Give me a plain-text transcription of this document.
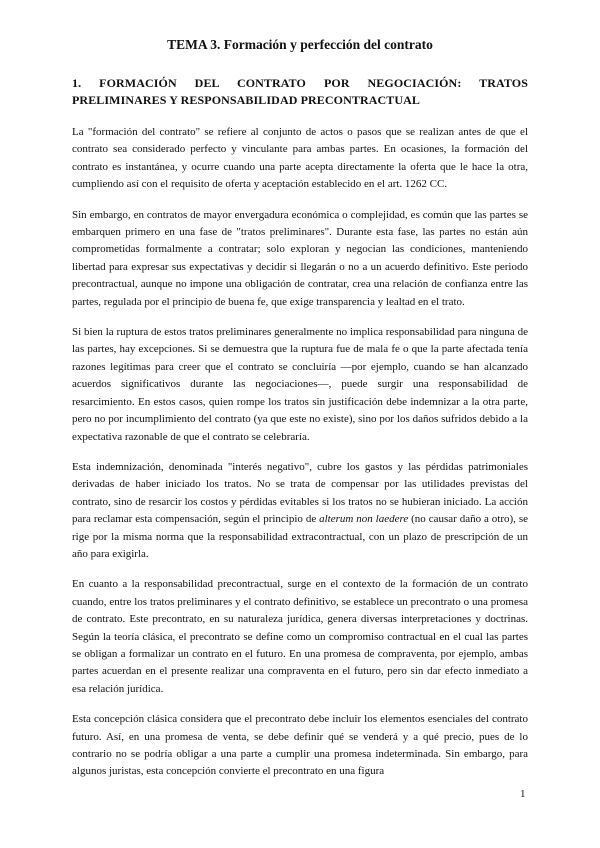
TEMA 3. Formación y perfección del contrato
1. FORMACIÓN DEL CONTRATO POR NEGOCIACIÓN: TRATOS PRELIMINARES Y RESPONSABILIDAD PRECONTRACTUAL

La "formación del contrato" se refiere al conjunto de actos o pasos que se realizan antes de que el contrato sea considerado perfecto y vinculante para ambas partes. En ocasiones, la formación del contrato es instantánea, y ocurre cuando una parte acepta directamente la oferta que le hace la otra, cumpliendo así con el requisito de oferta y aceptación establecido en el art. 1262 CC.

Sin embargo, en contratos de mayor envergadura económica o complejidad, es común que las partes se embarquen primero en una fase de "tratos preliminares". Durante esta fase, las partes no están aún comprometidas formalmente a contratar; solo exploran y negocian las condiciones, manteniendo libertad para expresar sus expectativas y decidir si llegarán o no a un acuerdo definitivo. Este periodo precontractual, aunque no impone una obligación de contratar, crea una relación de confianza entre las partes, regulada por el principio de buena fe, que exige transparencia y lealtad en el trato.

Si bien la ruptura de estos tratos preliminares generalmente no implica responsabilidad para ninguna de las partes, hay excepciones. Si se demuestra que la ruptura fue de mala fe o que la parte afectada tenía razones legítimas para creer que el contrato se concluiría —por ejemplo, cuando se han alcanzado acuerdos significativos durante las negociaciones—, puede surgir una responsabilidad de resarcimiento. En estos casos, quien rompe los tratos sin justificación debe indemnizar a la otra parte, pero no por incumplimiento del contrato (ya que este no existe), sino por los daños sufridos debido a la expectativa razonable de que el contrato se celebraría.

Esta indemnización, denominada "interés negativo", cubre los gastos y las pérdidas patrimoniales derivadas de haber iniciado los tratos. No se trata de compensar por las utilidades previstas del contrato, sino de resarcir los costos y pérdidas evitables si los tratos no se hubieran iniciado. La acción para reclamar esta compensación, según el principio de alterum non laedere (no causar daño a otro), se rige por la misma norma que la responsabilidad extracontractual, con un plazo de prescripción de un año para exigirla.

En cuanto a la responsabilidad precontractual, surge en el contexto de la formación de un contrato cuando, entre los tratos preliminares y el contrato definitivo, se establece un precontrato o una promesa de contrato. Este precontrato, en su naturaleza jurídica, genera diversas interpretaciones y doctrinas. Según la teoría clásica, el precontrato se define como un compromiso contractual en el cual las partes se obligan a formalizar un contrato en el futuro. En una promesa de compraventa, por ejemplo, ambas partes acuerdan en el presente realizar una compraventa en el futuro, pero sin dar efecto inmediato a esa relación jurídica.

Esta concepción clásica considera que el precontrato debe incluir los elementos esenciales del contrato futuro. Así, en una promesa de venta, se debe definir qué se venderá y a qué precio, pues de lo contrario no se podría obligar a una parte a cumplir una promesa indeterminada. Sin embargo, para algunos juristas, esta concepción convierte el precontrato en una figura

1
